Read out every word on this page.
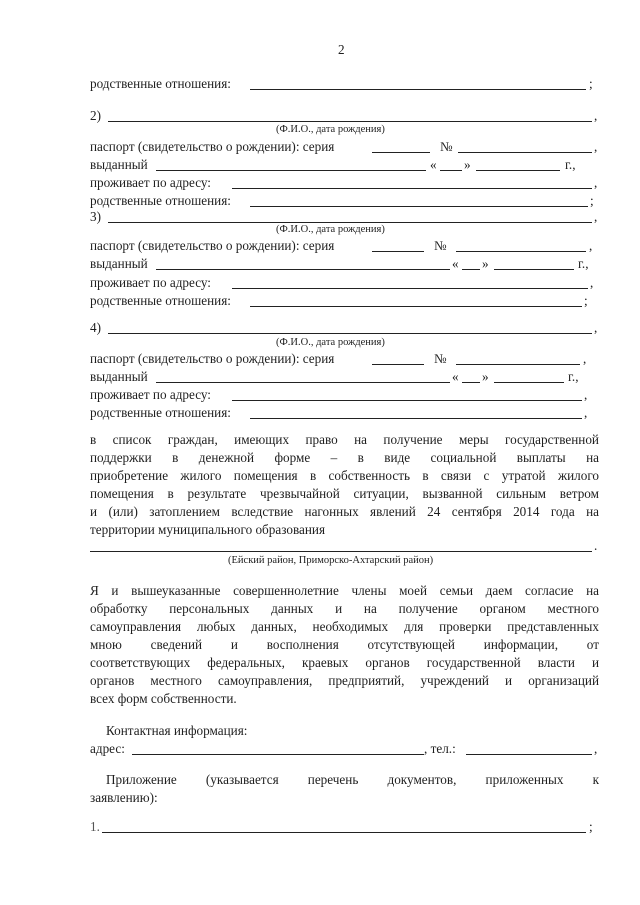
2
родственные отношения:	;
2)	,
(Ф.И.О., дата рождения)
паспорт (свидетельство о рождении): серия	№	,
выданный	« »	г.,
проживает по адресу:	,
родственные отношения:	;
3)	,
(Ф.И.О., дата рождения)
паспорт (свидетельство о рождении): серия	№	,
выданный	« »	г.,
проживает по адресу:	,
родственные отношения:	;
4)	,
(Ф.И.О., дата рождения)
паспорт (свидетельство о рождении): серия	№	,
выданный	« »	г.,
проживает по адресу:	,
родственные отношения:	,
в список граждан, имеющих право на получение меры государственной
поддержки в денежной форме – в виде социальной выплаты на
приобретение жилого помещения в собственность в связи с утратой жилого
помещения в результате чрезвычайной ситуации, вызванной сильным ветром
и (или) затоплением вследствие нагонных явлений 24 сентября 2014 года на
территории муниципального образования
.
(Ейский район, Приморско-Ахтарский район)
Я и вышеуказанные совершеннолетние члены моей семьи даем согласие на
обработку персональных данных и на получение органом местного
самоуправления любых данных, необходимых для проверки представленных
мною сведений и восполнения отсутствующей информации, от
соответствующих федеральных, краевых органов государственной власти и
органов местного самоуправления, предприятий, учреждений и организаций
всех форм собственности.
Контактная информация:
адрес:	, тел.:	,
Приложение (указывается перечень документов, приложенных к
заявлению):
1.	;
